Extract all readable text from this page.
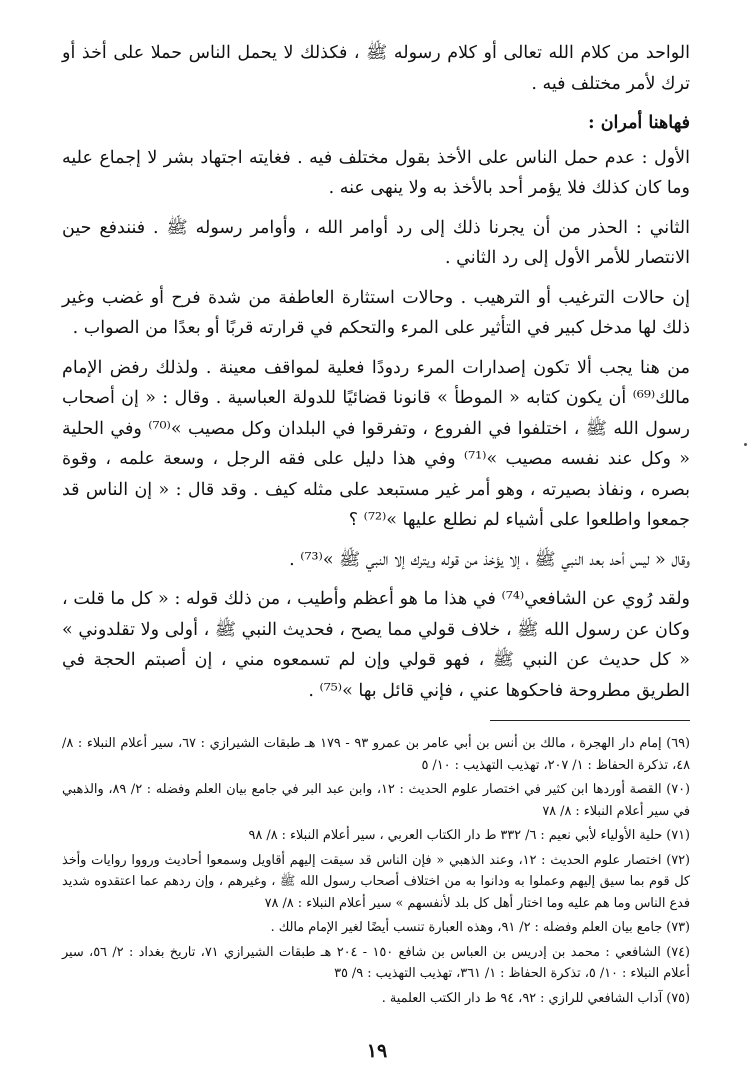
الواحد من كلام الله تعالى أو كلام رسوله ﷺ ، فكذلك لا يحمل الناس حملا على أخذ أو ترك لأمر مختلف فيه .

فهاهنا أمران :

الأول : عدم حمل الناس على الأخذ بقول مختلف فيه . فغايته اجتهاد بشر لا إجماع عليه وما كان كذلك فلا يؤمر أحد بالأخذ به ولا ينهى عنه .

الثاني : الحذر من أن يجرنا ذلك إلى رد أوامر الله ، وأوامر رسوله ﷺ . فنندفع حين الانتصار للأمر الأول إلى رد الثاني .

إن حالات الترغيب أو الترهيب . وحالات استثارة العاطفة من شدة فرح أو غضب وغير ذلك لها مدخل كبير في التأثير على المرء والتحكم في قرارته قربًا أو بعدًا من الصواب .

من هنا يجب ألا تكون إصدارات المرء ردودًا فعلية لمواقف معينة . ولذلك رفض الإمام مالك⁽⁶⁹⁾ أن يكون كتابه « الموطأ » قانونا قضائيًا للدولة العباسية . وقال : « إن أصحاب رسول الله ﷺ ، اختلفوا في الفروع ، وتفرقوا في البلدان وكل مصيب »⁽⁷⁰⁾ وفي الحلية « وكل عند نفسه مصيب »⁽⁷¹⁾ وفي هذا دليل على فقه الرجل ، وسعة علمه ، وقوة بصره ، ونفاذ بصيرته ، وهو أمر غير مستبعد على مثله كيف . وقد قال : « إن الناس قد جمعوا واطلعوا على أشياء لم نطلع عليها »⁽⁷²⁾ ؟

وقال « ليس أحد بعد النبي ﷺ ، إلا يؤخذ من قوله ويترك إلا النبي ﷺ »⁽⁷³⁾ .

ولقد رُوي عن الشافعي⁽⁷⁴⁾ في هذا ما هو أعظم وأطيب ، من ذلك قوله : « كل ما قلت ، وكان عن رسول الله ﷺ ، خلاف قولي مما يصح ، فحديث النبي ﷺ ، أولى ولا تقلدوني » « كل حديث عن النبي ﷺ ، فهو قولي وإن لم تسمعوه مني ، إن أصبتم الحجة في الطريق مطروحة فاحكوها عني ، فإني قائل بها »⁽⁷⁵⁾ .

(٦٩) إمام دار الهجرة ، مالك بن أنس بن أبي عامر بن عمرو ٩٣ - ١٧٩ هـ طبقات الشيرازي : ٦٧، سير أعلام النبلاء : ٨/ ٤٨، تذكرة الحفاظ : ١/ ٢٠٧، تهذيب التهذيب : ١٠/ ٥

(٧٠) القصة أوردها ابن كثير في اختصار علوم الحديث : ١٢، وابن عبد البر في جامع بيان العلم وفضله : ٢/ ٨٩، والذهبي في سير أعلام النبلاء : ٨/ ٧٨

(٧١) حلية الأولياء لأبي نعيم : ٦/ ٣٣٢ ط دار الكتاب العربي ، سير أعلام النبلاء : ٨/ ٩٨

(٧٢) اختصار علوم الحديث : ١٢، وعند الذهبي « فإن الناس قد سيقت إليهم أقاويل وسمعوا أحاديث ورووا روايات وأخذ كل قوم بما سيق إليهم وعملوا به ودانوا به من اختلاف أصحاب رسول الله ﷺ ، وغيرهم ، وإن ردهم عما اعتقدوه شديد فدع الناس وما هم عليه وما اختار أهل كل بلد لأنفسهم » سير أعلام النبلاء : ٨/ ٧٨

(٧٣) جامع بيان العلم وفضله : ٢/ ٩١، وهذه العبارة تنسب أيضًا لغير الإمام مالك .

(٧٤) الشافعي : محمد بن إدريس بن العباس بن شافع ١٥٠ - ٢٠٤ هـ طبقات الشيرازي ٧١، تاريخ بغداد : ٢/ ٥٦، سير أعلام النبلاء : ١٠/ ٥، تذكرة الحفاظ : ١/ ٣٦١، تهذيب التهذيب : ٩/ ٣٥

(٧٥) آداب الشافعي للرازي : ٩٢، ٩٤ ط دار الكتب العلمية .

١٩
